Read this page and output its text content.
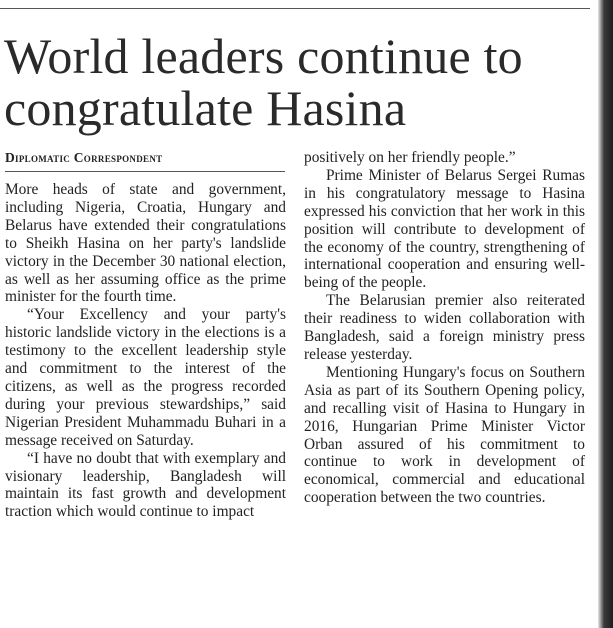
World leaders continue to
congratulate Hasina
Diplomatic Correspondent

More heads of state and government, including Nigeria, Croatia, Hungary and Belarus have extended their congratulations to Sheikh Hasina on her party's landslide victory in the December 30 national election, as well as her assuming office as the prime minister for the fourth time.

“Your Excellency and your party's historic landslide victory in the elections is a testimony to the excellent leadership style and commitment to the interest of the citizens, as well as the progress recorded during your previous stewardships,” said Nigerian President Muhammadu Buhari in a message received on Saturday.

“I have no doubt that with exemplary and visionary leadership, Bangladesh will maintain its fast growth and development traction which would continue to impact

positively on her friendly people.”

Prime Minister of Belarus Sergei Rumas in his congratulatory message to Hasina expressed his conviction that her work in this position will contribute to development of the economy of the country, strengthening of international cooperation and ensuring well-being of the people.

The Belarusian premier also reiterated their readiness to widen collaboration with Bangladesh, said a foreign ministry press release yesterday.

Mentioning Hungary's focus on Southern Asia as part of its Southern Opening policy, and recalling visit of Hasina to Hungary in 2016, Hungarian Prime Minister Victor Orban assured of his commitment to continue to work in development of economical, commercial and educational cooperation between the two countries.
